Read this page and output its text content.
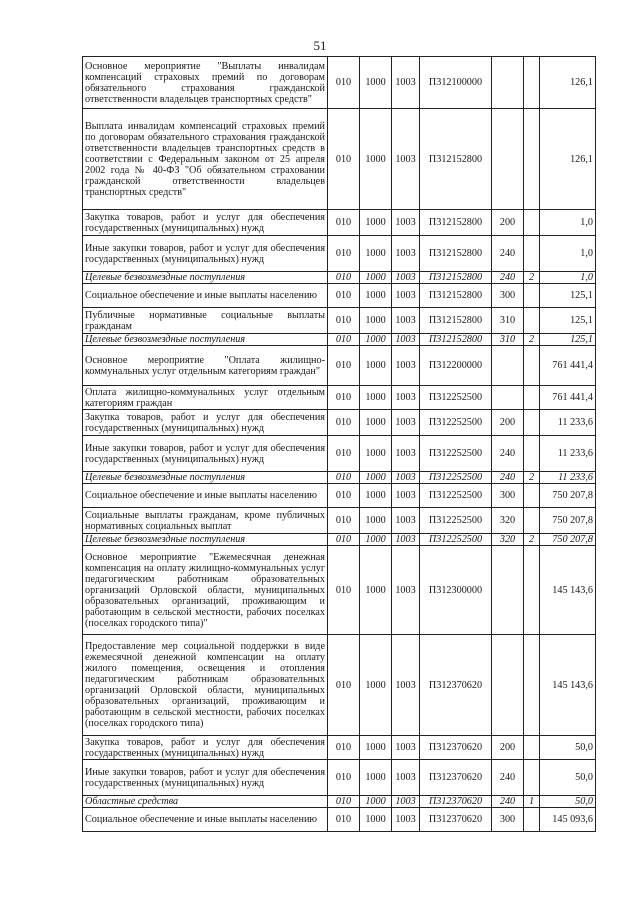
51
Основное мероприятие "Выплаты инвалидам компенсаций страховых премий по договорам обязательного страхования гражданской ответственности владельцев транспортных средств"	010	1000	1003	П312100000			126,1
Выплата инвалидам компенсаций страховых премий по договорам обязательного страхования гражданской ответственности владельцев транспортных средств в соответствии с Федеральным законом от 25 апреля 2002 года № 40-ФЗ "Об обязательном страховании гражданской ответственности владельцев транспортных средств"	010	1000	1003	П312152800			126,1
Закупка товаров, работ и услуг для обеспечения государственных (муниципальных) нужд	010	1000	1003	П312152800	200		1,0
Иные закупки товаров, работ и услуг для обеспечения государственных (муниципальных) нужд	010	1000	1003	П312152800	240		1,0
Целевые безвозмездные поступления	010	1000	1003	П312152800	240	2	1,0
Социальное обеспечение и иные выплаты населению	010	1000	1003	П312152800	300		125,1
Публичные нормативные социальные выплаты гражданам	010	1000	1003	П312152800	310		125,1
Целевые безвозмездные поступления	010	1000	1003	П312152800	310	2	125,1
Основное мероприятие "Оплата жилищно-коммунальных услуг отдельным категориям граждан"	010	1000	1003	П312200000			761 441,4
Оплата жилищно-коммунальных услуг отдельным категориям граждан	010	1000	1003	П312252500			761 441,4
Закупка товаров, работ и услуг для обеспечения государственных (муниципальных) нужд	010	1000	1003	П312252500	200		11 233,6
Иные закупки товаров, работ и услуг для обеспечения государственных (муниципальных) нужд	010	1000	1003	П312252500	240		11 233,6
Целевые безвозмездные поступления	010	1000	1003	П312252500	240	2	11 233,6
Социальное обеспечение и иные выплаты населению	010	1000	1003	П312252500	300		750 207,8
Социальные выплаты гражданам, кроме публичных нормативных социальных выплат	010	1000	1003	П312252500	320		750 207,8
Целевые безвозмездные поступления	010	1000	1003	П312252500	320	2	750 207,8
Основное мероприятие "Ежемесячная денежная компенсация на оплату жилищно-коммунальных услуг педагогическим работникам образовательных организаций Орловской области, муниципальных образовательных организаций, проживающим и работающим в сельской местности, рабочих поселках (поселках городского типа)"	010	1000	1003	П312300000			145 143,6
Предоставление мер социальной поддержки в виде ежемесячной денежной компенсации на оплату жилого помещения, освещения и отопления педагогическим работникам образовательных организаций Орловской области, муниципальных образовательных организаций, проживающим и работающим в сельской местности, рабочих поселках (поселках городского типа)	010	1000	1003	П312370620			145 143,6
Закупка товаров, работ и услуг для обеспечения государственных (муниципальных) нужд	010	1000	1003	П312370620	200		50,0
Иные закупки товаров, работ и услуг для обеспечения государственных (муниципальных) нужд	010	1000	1003	П312370620	240		50,0
Областные средства	010	1000	1003	П312370620	240	1	50,0
Социальное обеспечение и иные выплаты населению	010	1000	1003	П312370620	300		145 093,6
